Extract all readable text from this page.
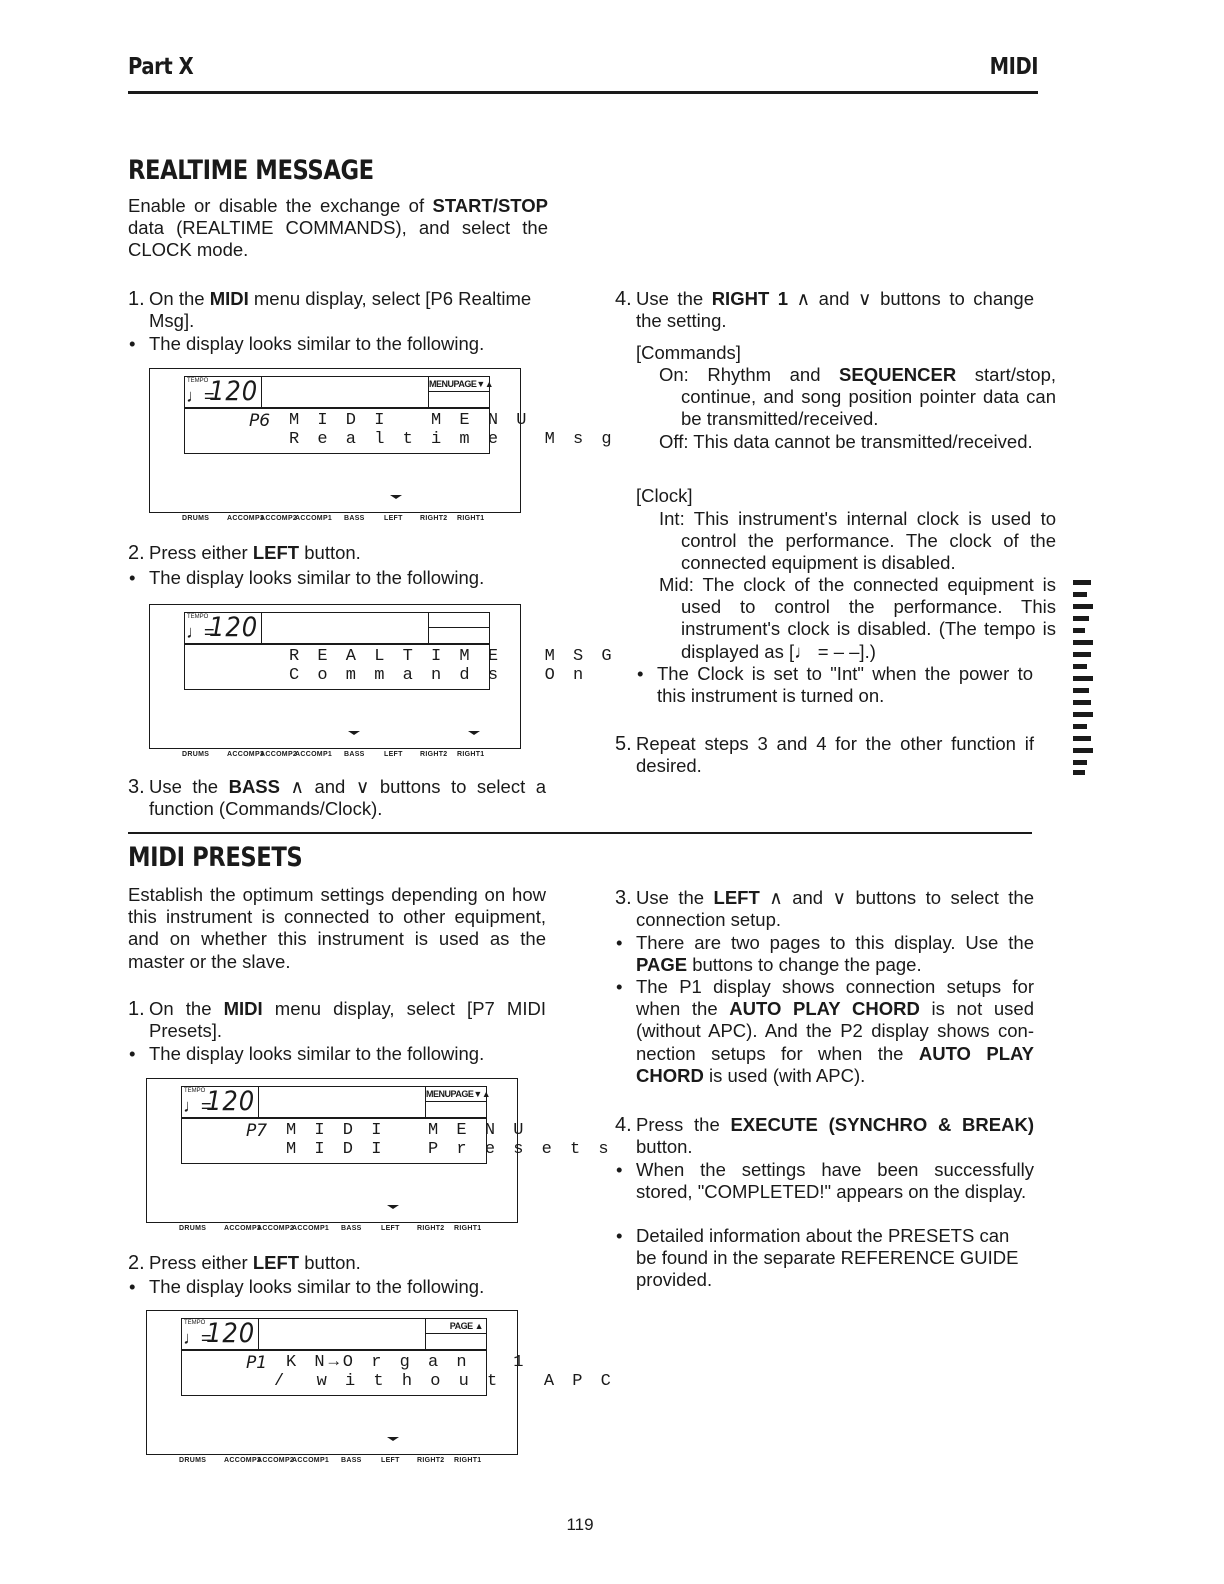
Part X	MIDI
REALTIME MESSAGE
Enable or disable the exchange of START/STOP data (REALTIME COMMANDS), and select the CLOCK mode.
1. On the MIDI menu display, select [P6 Realtime Msg].
• The display looks similar to the following.
TEMPO
♩=
120	MENUPAGE▼▲
P6 M I D I   M E N U
R e a l t i m e   M s g
DRUMS	ACCOMP3
ACCOMP2
ACCOMP1 BASS	LEFT RIGHT2 RIGHT1
2. Press either LEFT button.
• The display looks similar to the following.
TEMPO
♩=
120
R E A L T I M E   M S G
C o m m a n d s   O n
DRUMS	ACCOMP3
ACCOMP2
ACCOMP1 BASS	LEFT RIGHT2 RIGHT1
3. Use the BASS ∧ and ∨ buttons to select a function (Commands/Clock).
4. Use the RIGHT 1 ∧ and ∨ buttons to change the setting.
[Commands]
On: Rhythm and SEQUENCER start/stop, continue, and song position pointer data can be transmitted/received.
Off: This data cannot be transmitted/received.
[Clock]
Int: This instrument's internal clock is used to control the performance. The clock of the connected equipment is disabled.
Mid: The clock of the connected equipment is used to control the performance. This instrument's clock is disabled. (The tempo is displayed as [♩ = – –].)
• The Clock is set to "Int" when the power to this instrument is turned on.
5. Repeat steps 3 and 4 for the other function if desired.
MIDI PRESETS
Establish the optimum settings depending on how this instrument is connected to other equipment, and on whether this instrument is used as the master or the slave.
1. On the MIDI menu display, select [P7 MIDI Presets].
• The display looks similar to the following.
TEMPO
♩=
120	MENUPAGE▼▲
P7 M I D I   M E N U
M I D I   P r e s e t s
DRUMS	ACCOMP3
ACCOMP2
ACCOMP1 BASS	LEFT RIGHT2 RIGHT1
2. Press either LEFT button.
• The display looks similar to the following.
TEMPO
♩=
120	PAGE ▲
P1 K N→O r g a n   1
/  w i t h o u t   A P C
DRUMS	ACCOMP3
ACCOMP2
ACCOMP1 BASS	LEFT RIGHT2 RIGHT1
3. Use the LEFT ∧ and ∨ buttons to select the connection setup.
• There are two pages to this display. Use the PAGE buttons to change the page.
• The P1 display shows connection setups for when the AUTO PLAY CHORD is not used (without APC). And the P2 display shows connection setups for when the AUTO PLAY CHORD is used (with APC).
4. Press the EXECUTE (SYNCHRO & BREAK) button.
• When the settings have been successfully stored, "COMPLETED!" appears on the display.
• Detailed information about the PRESETS can be found in the separate REFERENCE GUIDE provided.
119
